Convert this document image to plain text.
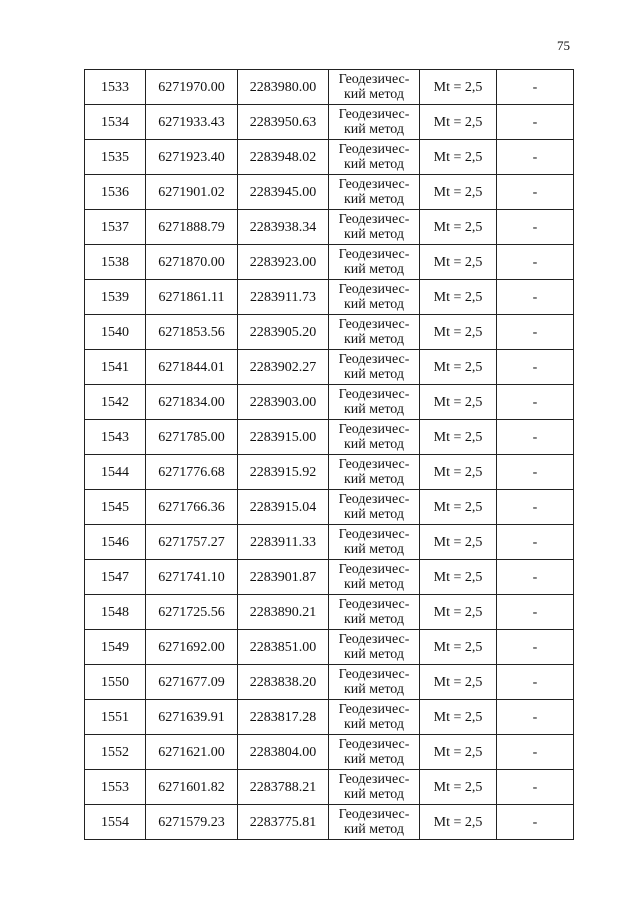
75
1533	6271970.00	2283980.00	Геодезичес-
кий метод	Mt = 2,5	-
1534	6271933.43	2283950.63	Геодезичес-
кий метод	Mt = 2,5	-
1535	6271923.40	2283948.02	Геодезичес-
кий метод	Mt = 2,5	-
1536	6271901.02	2283945.00	Геодезичес-
кий метод	Mt = 2,5	-
1537	6271888.79	2283938.34	Геодезичес-
кий метод	Mt = 2,5	-
1538	6271870.00	2283923.00	Геодезичес-
кий метод	Mt = 2,5	-
1539	6271861.11	2283911.73	Геодезичес-
кий метод	Mt = 2,5	-
1540	6271853.56	2283905.20	Геодезичес-
кий метод	Mt = 2,5	-
1541	6271844.01	2283902.27	Геодезичес-
кий метод	Mt = 2,5	-
1542	6271834.00	2283903.00	Геодезичес-
кий метод	Mt = 2,5	-
1543	6271785.00	2283915.00	Геодезичес-
кий метод	Mt = 2,5	-
1544	6271776.68	2283915.92	Геодезичес-
кий метод	Mt = 2,5	-
1545	6271766.36	2283915.04	Геодезичес-
кий метод	Mt = 2,5	-
1546	6271757.27	2283911.33	Геодезичес-
кий метод	Mt = 2,5	-
1547	6271741.10	2283901.87	Геодезичес-
кий метод	Mt = 2,5	-
1548	6271725.56	2283890.21	Геодезичес-
кий метод	Mt = 2,5	-
1549	6271692.00	2283851.00	Геодезичес-
кий метод	Mt = 2,5	-
1550	6271677.09	2283838.20	Геодезичес-
кий метод	Mt = 2,5	-
1551	6271639.91	2283817.28	Геодезичес-
кий метод	Mt = 2,5	-
1552	6271621.00	2283804.00	Геодезичес-
кий метод	Mt = 2,5	-
1553	6271601.82	2283788.21	Геодезичес-
кий метод	Mt = 2,5	-
1554	6271579.23	2283775.81	Геодезичес-
кий метод	Mt = 2,5	-
